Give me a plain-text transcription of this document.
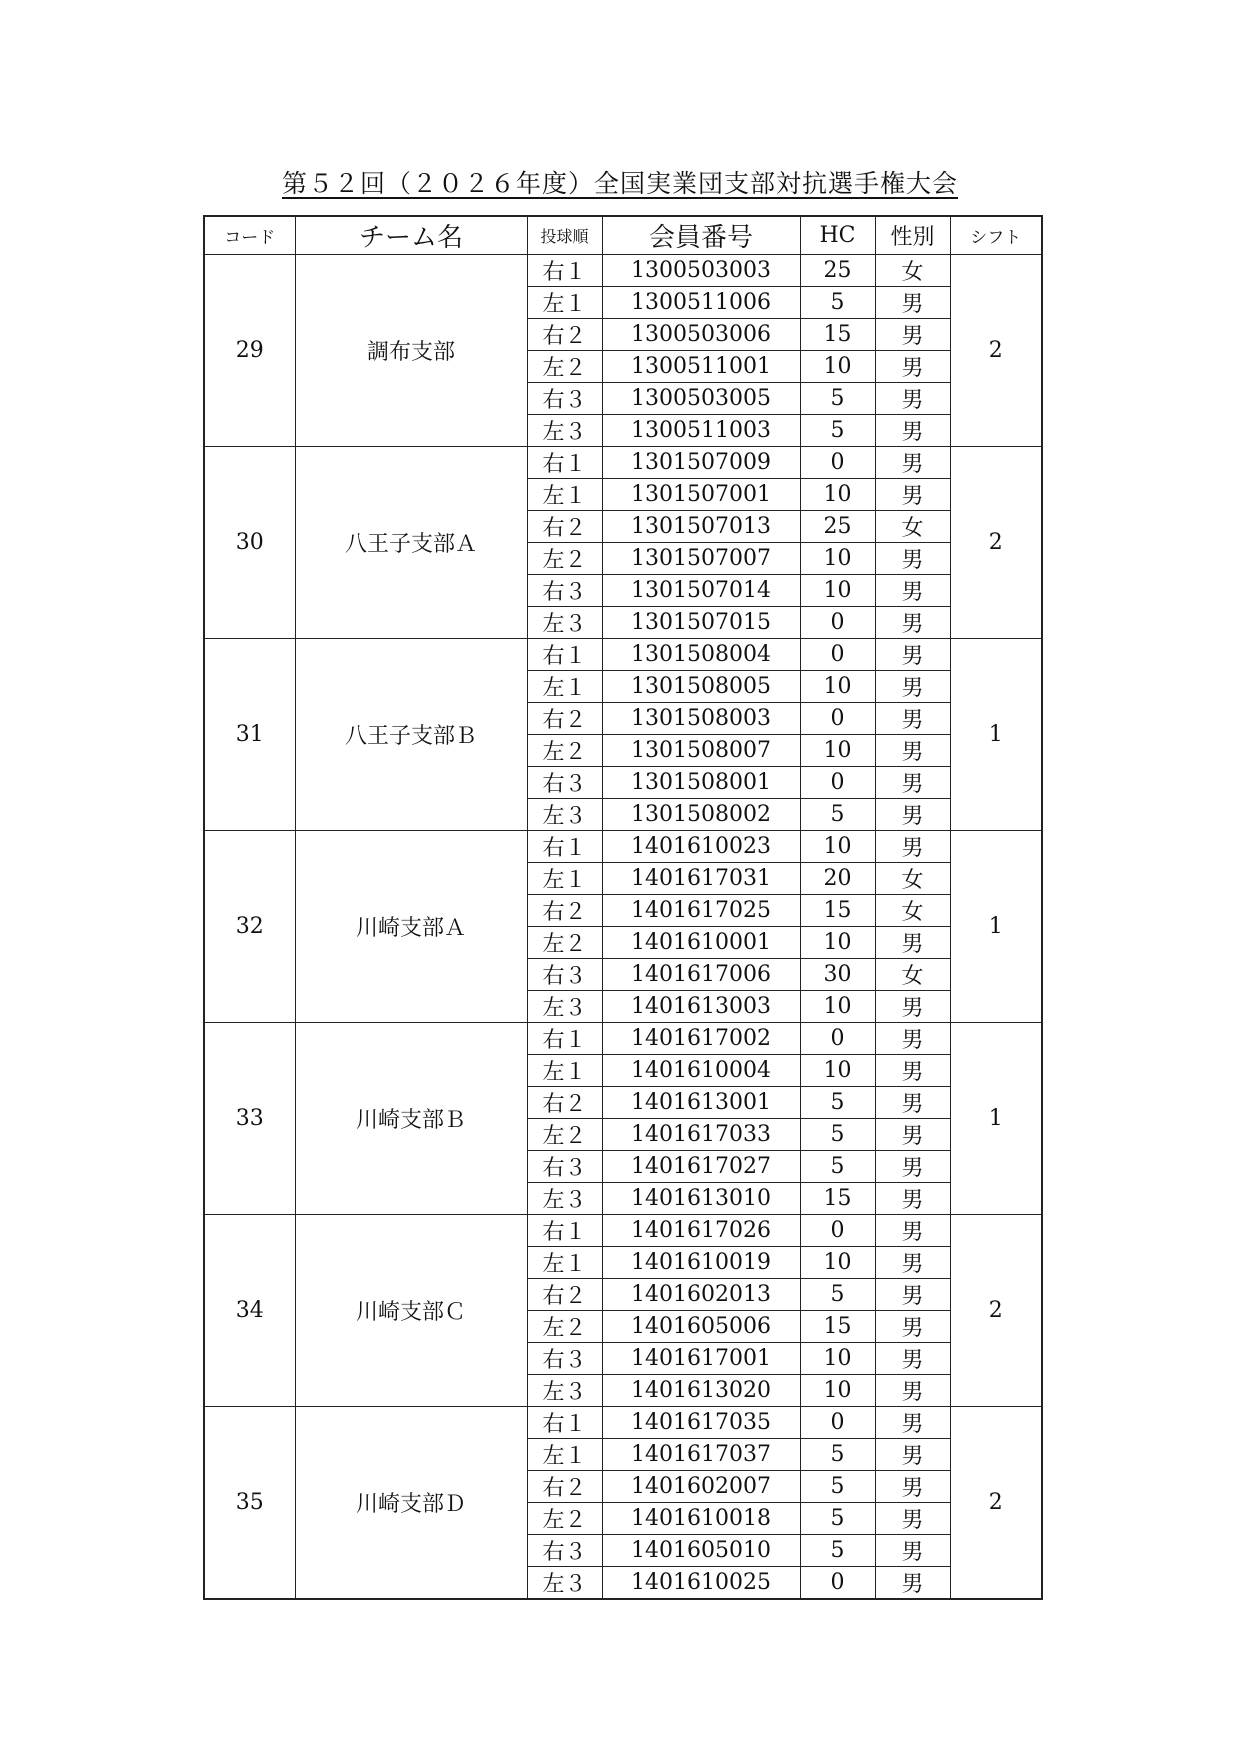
第５２回（２０２６年度）全国実業団支部対抗選手権大会
コード	チーム名	投球順	会員番号	HC	性別	シフト
29	調布支部	右１	1300503003	25	女	2
		左１	1300511006	5	男	
		右２	1300503006	15	男	
		左２	1300511001	10	男	
		右３	1300503005	5	男	
		左３	1300511003	5	男	
30	八王子支部Ａ	右１	1301507009	0	男	2
		左１	1301507001	10	男	
		右２	1301507013	25	女	
		左２	1301507007	10	男	
		右３	1301507014	10	男	
		左３	1301507015	0	男	
31	八王子支部Ｂ	右１	1301508004	0	男	1
		左１	1301508005	10	男	
		右２	1301508003	0	男	
		左２	1301508007	10	男	
		右３	1301508001	0	男	
		左３	1301508002	5	男	
32	川崎支部Ａ	右１	1401610023	10	男	1
		左１	1401617031	20	女	
		右２	1401617025	15	女	
		左２	1401610001	10	男	
		右３	1401617006	30	女	
		左３	1401613003	10	男	
33	川崎支部Ｂ	右１	1401617002	0	男	1
		左１	1401610004	10	男	
		右２	1401613001	5	男	
		左２	1401617033	5	男	
		右３	1401617027	5	男	
		左３	1401613010	15	男	
34	川崎支部Ｃ	右１	1401617026	0	男	2
		左１	1401610019	10	男	
		右２	1401602013	5	男	
		左２	1401605006	15	男	
		右３	1401617001	10	男	
		左３	1401613020	10	男	
35	川崎支部Ｄ	右１	1401617035	0	男	2
		左１	1401617037	5	男	
		右２	1401602007	5	男	
		左２	1401610018	5	男	
		右３	1401605010	5	男	
		左３	1401610025	0	男	
